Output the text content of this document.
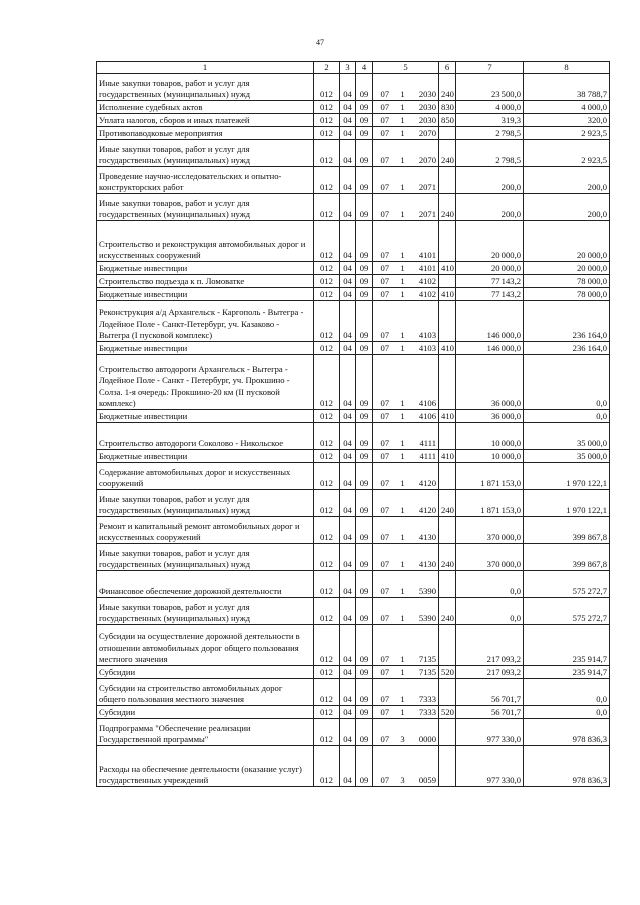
47
1	2	3	4	5			6	7	8
Иные закупки товаров, работ и услуг для государственных (муниципальных) нужд	012	04	09	07	1	2030	240	23 500,0	38 788,7
Исполнение судебных актов	012	04	09	07	1	2030	830	4 000,0	4 000,0
Уплата налогов, сборов и иных платежей	012	04	09	07	1	2030	850	319,3	320,0
Противопаводковые мероприятия	012	04	09	07	1	2070		2 798,5	2 923,5
Иные закупки товаров, работ и услуг для государственных (муниципальных) нужд	012	04	09	07	1	2070	240	2 798,5	2 923,5
Проведение научно-исследовательских и опытно-конструкторских работ	012	04	09	07	1	2071		200,0	200,0
Иные закупки товаров, работ и услуг для государственных (муниципальных) нужд	012	04	09	07	1	2071	240	200,0	200,0
Строительство и реконструкция автомобильных дорог и искусственных сооружений	012	04	09	07	1	4101		20 000,0	20 000,0
Бюджетные инвестиции	012	04	09	07	1	4101	410	20 000,0	20 000,0
Строительство подъезда к п. Ломоватке	012	04	09	07	1	4102		77 143,2	78 000,0
Бюджетные инвестиции	012	04	09	07	1	4102	410	77 143,2	78 000,0
Реконструкция а/д Архангельск - Каргополь - Вытегра - Лодейное Поле - Санкт-Петербург, уч. Казаково - Вытегра (I пусковой комплекс)	012	04	09	07	1	4103		146 000,0	236 164,0
Бюджетные инвестиции	012	04	09	07	1	4103	410	146 000,0	236 164,0
Строительство автодороги Архангельск - Вытегра - Лодейное Поле - Санкт - Петербург, уч. Прокшино - Солза. 1-я очередь: Прокшино-20 км (II пусковой комплекс)	012	04	09	07	1	4106		36 000,0	0,0
Бюджетные инвестиции	012	04	09	07	1	4106	410	36 000,0	0,0
Строительство автодороги Соколово - Никольское	012	04	09	07	1	4111		10 000,0	35 000,0
Бюджетные инвестиции	012	04	09	07	1	4111	410	10 000,0	35 000,0
Содержание автомобильных дорог и искусственных сооружений	012	04	09	07	1	4120		1 871 153,0	1 970 122,1
Иные закупки товаров, работ и услуг для государственных (муниципальных) нужд	012	04	09	07	1	4120	240	1 871 153,0	1 970 122,1
Ремонт и капитальный ремонт автомобильных дорог и искусственных сооружений	012	04	09	07	1	4130		370 000,0	399 867,8
Иные закупки товаров, работ и услуг для государственных (муниципальных) нужд	012	04	09	07	1	4130	240	370 000,0	399 867,8
Финансовое обеспечение дорожной деятельности	012	04	09	07	1	5390		0,0	575 272,7
Иные закупки товаров, работ и услуг для государственных (муниципальных) нужд	012	04	09	07	1	5390	240	0,0	575 272,7
Субсидии на осуществление дорожной деятельности в отношении автомобильных дорог общего пользования местного значения	012	04	09	07	1	7135		217 093,2	235 914,7
Субсидии	012	04	09	07	1	7135	520	217 093,2	235 914,7
Субсидии на строительство автомобильных дорог общего пользования местного значения	012	04	09	07	1	7333		56 701,7	0,0
Субсидии	012	04	09	07	1	7333	520	56 701,7	0,0
Подпрограмма "Обеспечение реализации Государственной программы"	012	04	09	07	3	0000		977 330,0	978 836,3
Расходы на обеспечение деятельности (оказание услуг) государственных учреждений	012	04	09	07	3	0059		977 330,0	978 836,3
